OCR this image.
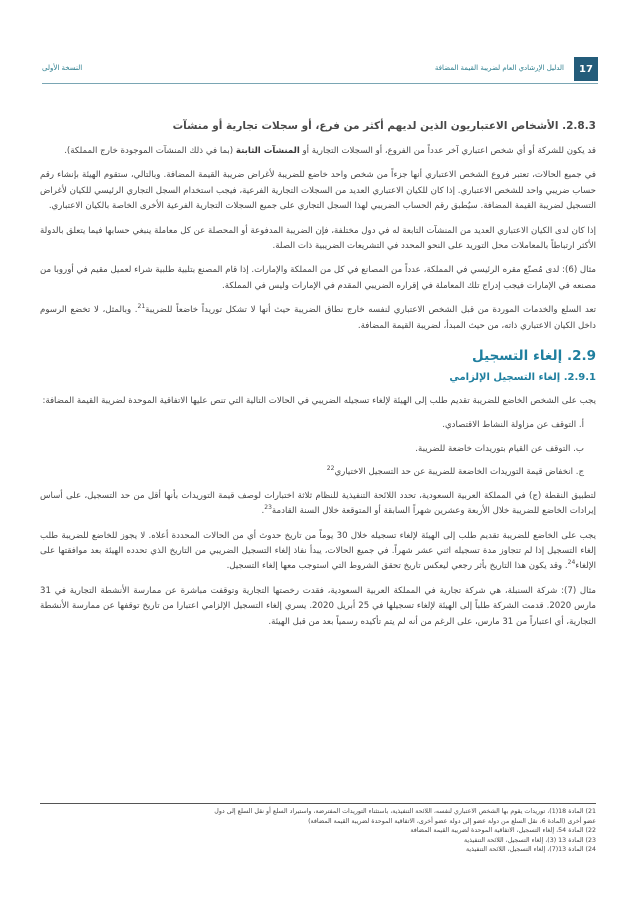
17
الدليل الإرشادي العام لضريبة القيمة المضافة
النسخة الأولى
2.8.3. الأشخاص الاعتباريون الذين لديهم أكثر من فرع، أو سجلات تجارية أو منشآت

قد يكون للشركة أو أي شخص اعتباري آخر عدداً من الفروع، أو السجلات التجارية أو المنشآت الثابتة (بما في ذلك المنشآت الموجودة خارج المملكة).

في جميع الحالات، تعتبر فروع الشخص الاعتباري أنها جزءاً من شخص واحد خاضع للضريبة لأغراض ضريبة القيمة المضافة. وبالتالي، ستقوم الهيئة بإنشاء رقم حساب ضريبي واحد للشخص الاعتباري. إذا كان للكيان الاعتباري العديد من السجلات التجارية الفرعية، فيجب استخدام السجل التجاري الرئيسي للكيان لأغراض التسجيل لضريبة القيمة المضافة. سيُطبق رقم الحساب الضريبي لهذا السجل التجاري على جميع السجلات التجارية الفرعية الأخرى الخاصة بالكيان الاعتباري.

إذا كان لدى الكيان الاعتباري العديد من المنشآت التابعة له في دول مختلفة، فإن الضريبة المدفوعة أو المحصلة عن كل معاملة ينبغي حسابها فيما يتعلق بالدولة الأكثر ارتباطاً بالمعاملات محل التوريد على النحو المحدد في التشريعات الضريبية ذات الصلة.

مثال (6): لدى مُصنّع مقره الرئيسي في المملكة، عدداً من المصانع في كل من المملكة والإمارات. إذا قام المصنع بتلبية طلبية شراء لعميل مقيم في أوروبا من مصنعه في الإمارات فيجب إدراج تلك المعاملة في إقراره الضريبي المقدم في الإمارات وليس في المملكة.

تعد السلع والخدمات الموردة من قبل الشخص الاعتباري لنفسه خارج نطاق الضريبة حيث أنها لا تشكل توريداً خاضعاً للضريبة$^{21}$. وبالمثل، لا تخضع الرسوم داخل الكيان الاعتباري ذاته، من حيث المبدأ، لضريبة القيمة المضافة.

2.9. إلغاء التسجيل
2.9.1. إلغاء التسجيل الإلزامي

يجب على الشخص الخاضع للضريبة تقديم طلب إلى الهيئة لإلغاء تسجيله الضريبي في الحالات التالية التي تنص عليها الاتفاقية الموحدة لضريبة القيمة المضافة:

أ. التوقف عن مزاولة النشاط الاقتصادي.

ب. التوقف عن القيام بتوريدات خاضعة للضريبة.

ج. انخفاض قيمة التوريدات الخاضعة للضريبة عن حد التسجيل الاختياري$^{22}$

لتطبيق النقطة (ج) في المملكة العربية السعودية، تحدد اللائحة التنفيذية للنظام ثلاثة اختبارات لوصف قيمة التوريدات بأنها أقل من حد التسجيل، على أساس إيرادات الخاضع للضريبة خلال الأربعة وعشرين شهراً السابقة أو المتوقعة خلال السنة القادمة$^{23}$.

يجب على الخاضع للضريبة تقديم طلب إلى الهيئة لإلغاء تسجيله خلال 30 يوماً من تاريخ حدوث أي من الحالات المحددة أعلاه. لا يجوز للخاضع للضريبة طلب إلغاء التسجيل إذا لم تتجاوز مدة تسجيله اثني عشر شهراً. في جميع الحالات، يبدأ نفاذ إلغاء التسجيل الضريبي من التاريخ الذي تحدده الهيئة بعد موافقتها على الإلغاء$^{24}$. وقد يكون هذا التاريخ بأثر رجعي ليعكس تاريخ تحقق الشروط التي استوجب معها إلغاء التسجيل.

مثال (7): شركة السنبلة، هي شركة تجارية في المملكة العربية السعودية، فقدت رخصتها التجارية وتوقفت مباشرة عن ممارسة الأنشطة التجارية في 31 مارس 2020. قدمت الشركة طلباً إلى الهيئة لإلغاء تسجيلها في 25 أبريل 2020. يسري إلغاء التسجيل الإلزامي اعتبارا من تاريخ توقفها عن ممارسة الأنشطة التجارية، أي اعتباراً من 31 مارس، على الرغم من أنه لم يتم تأكيده رسمياً بعد من قبل الهيئة.

21) المادة 18(1)، توريدات يقوم بها الشخص الاعتباري لنفسه، اللائحة التنفيذية، باستثناء التوريدات المفترضة، واستيراد السلع أو نقل السلع إلى دول

عضو أخرى (المادة 6، نقل السلع من دولة عضو إلى دولة عضو أخرى، الاتفاقية الموحدة لضريبة القيمة المضافة)

22) المادة 54، إلغاء التسجيل، الاتفاقية الموحدة لضريبة القيمة المضافة

23) المادة 13 (3)، إلغاء التسجيل، اللائحة التنفيذية

24) المادة 13(7)، إلغاء التسجيل، اللائحة التنفيذية
